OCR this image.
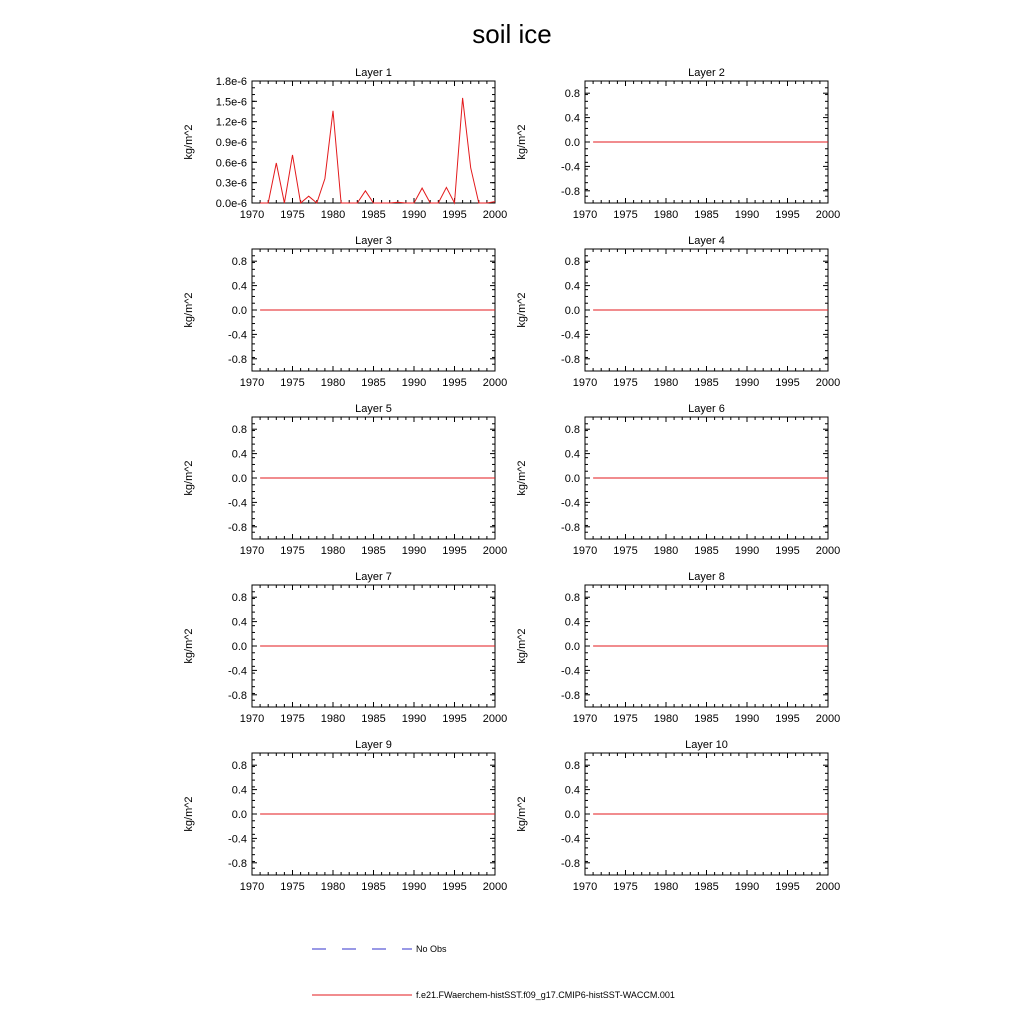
soil ice
Layer 1
1970 1975 1980 1985 1990 1995 2000
0.0e-6
0.3e-6
0.6e-6
0.9e-6
1.2e-6
1.5e-6
1.8e-6
kg/m^2
Layer 2
1970 1975 1980 1985 1990 1995 2000
-0.8
-0.4
0.0
0.4
0.8
kg/m^2
Layer 3
1970 1975 1980 1985 1990 1995 2000
-0.8
-0.4
0.0
0.4
0.8
kg/m^2
Layer 4
1970 1975 1980 1985 1990 1995 2000
-0.8
-0.4
0.0
0.4
0.8
kg/m^2
Layer 5
1970 1975 1980 1985 1990 1995 2000
-0.8
-0.4
0.0
0.4
0.8
kg/m^2
Layer 6
1970 1975 1980 1985 1990 1995 2000
-0.8
-0.4
0.0
0.4
0.8
kg/m^2
Layer 7
1970 1975 1980 1985 1990 1995 2000
-0.8
-0.4
0.0
0.4
0.8
kg/m^2
Layer 8
1970 1975 1980 1985 1990 1995 2000
-0.8
-0.4
0.0
0.4
0.8
kg/m^2
Layer 9
1970 1975 1980 1985 1990 1995 2000
-0.8
-0.4
0.0
0.4
0.8
kg/m^2
Layer 10
1970 1975 1980 1985 1990 1995 2000
-0.8
-0.4
0.0
0.4
0.8
kg/m^2
No Obs
f.e21.FWaerchem-histSST.f09_g17.CMIP6-histSST-WACCM.001
